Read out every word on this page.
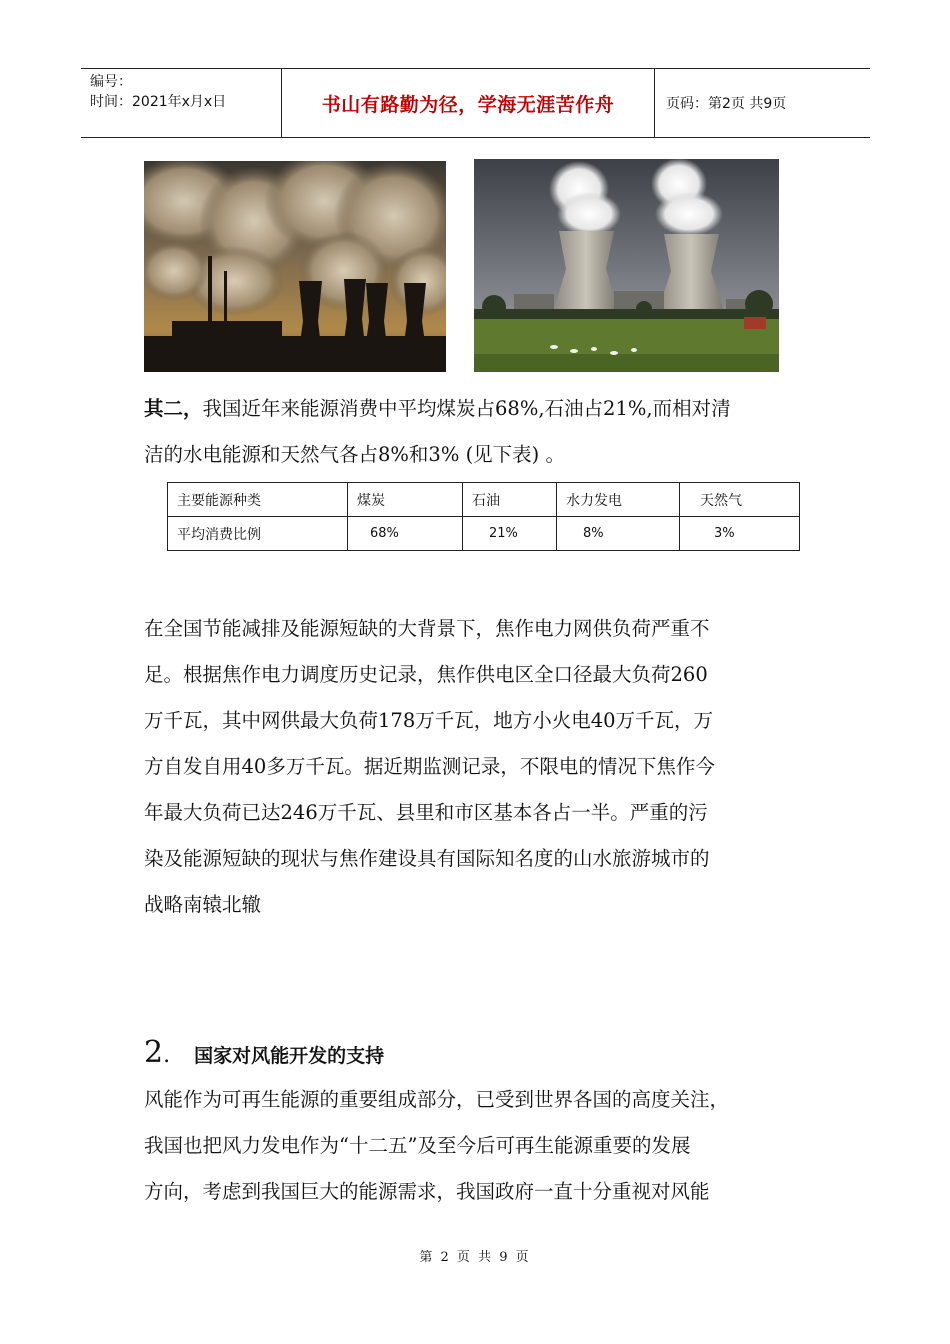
编号：
时间：2021年x月x日	书山有路勤为径，学海无涯苦作舟	页码：第2页 共9页
其二，我国近年来能源消费中平均煤炭占68%,石油占21%,而相对清
洁的水电能源和天然气各占8%和3% (见下表) 。
主要能源种类	煤炭	石油	水力发电	天然气
平均消费比例	68%	21%	8%	3%
在全国节能减排及能源短缺的大背景下，焦作电力网供负荷严重不
足。根据焦作电力调度历史记录，焦作供电区全口径最大负荷260
万千瓦，其中网供最大负荷178万千瓦，地方小火电40万千瓦，万
方自发自用40多万千瓦。据近期监测记录，不限电的情况下焦作今
年最大负荷已达246万千瓦、县里和市区基本各占一半。严重的污
染及能源短缺的现状与焦作建设具有国际知名度的山水旅游城市的
战略南辕北辙
2 . 国家对风能开发的支持
风能作为可再生能源的重要组成部分，已受到世界各国的高度关注，
我国也把风力发电作为“十二五”及至今后可再生能源重要的发展
方向，考虑到我国巨大的能源需求，我国政府一直十分重视对风能
第 2 页 共 9 页
